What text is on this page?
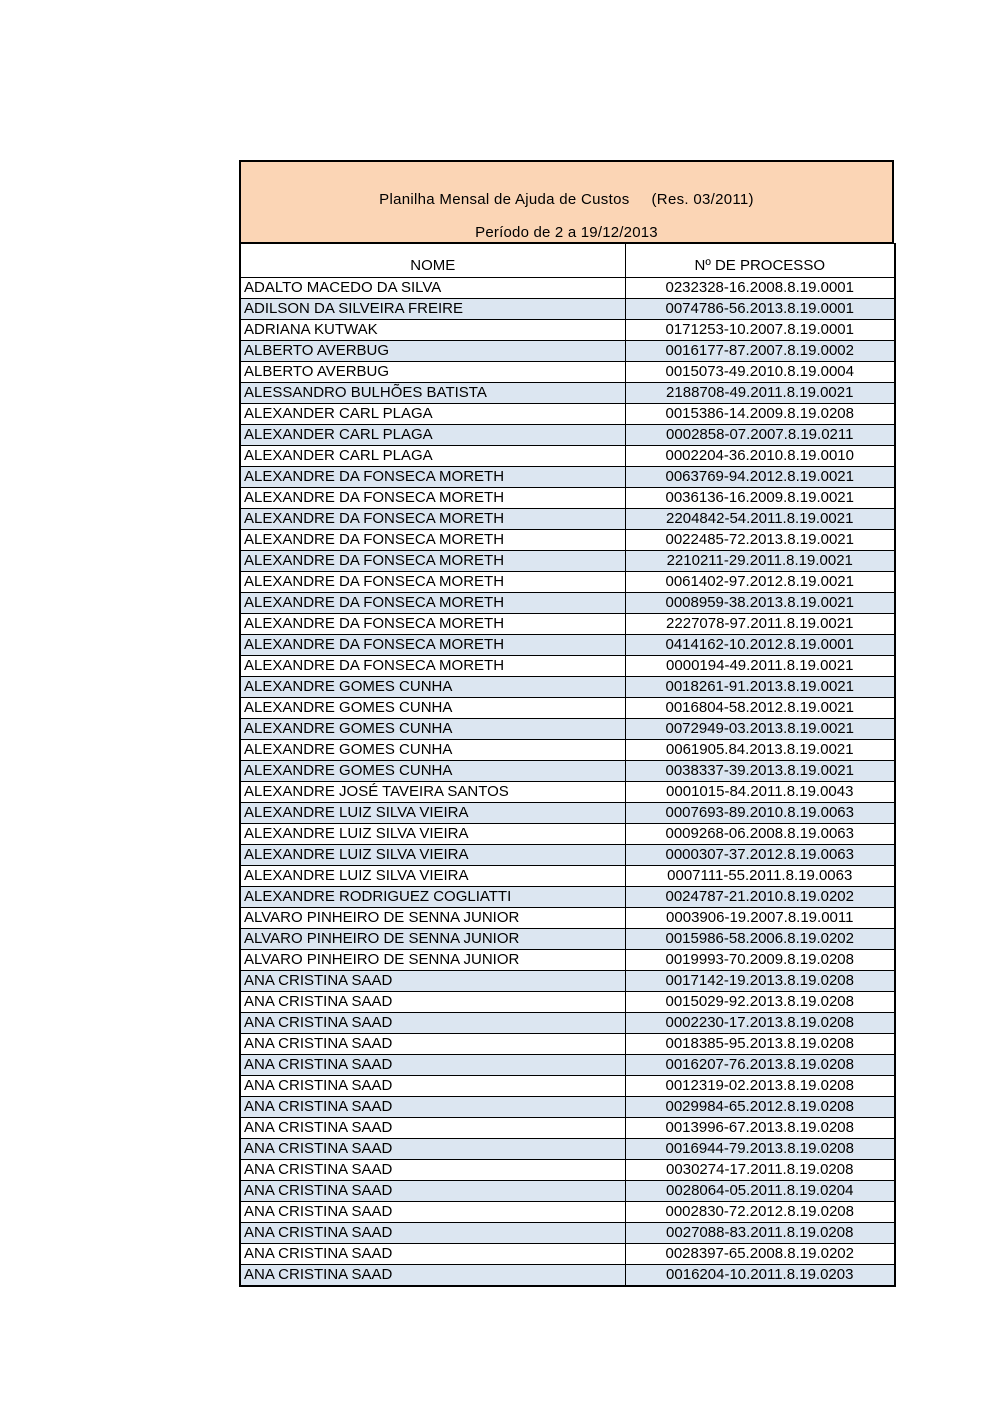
Planilha Mensal de Ajuda de Custos (Res. 03/2011)
Período de 2 a 19/12/2013
NOME	Nº DE PROCESSO
ADALTO MACEDO DA SILVA	0232328-16.2008.8.19.0001
ADILSON DA SILVEIRA FREIRE	0074786-56.2013.8.19.0001
ADRIANA KUTWAK	0171253-10.2007.8.19.0001
ALBERTO AVERBUG	0016177-87.2007.8.19.0002
ALBERTO AVERBUG	0015073-49.2010.8.19.0004
ALESSANDRO BULHÕES BATISTA	2188708-49.2011.8.19.0021
ALEXANDER CARL PLAGA	0015386-14.2009.8.19.0208
ALEXANDER CARL PLAGA	0002858-07.2007.8.19.0211
ALEXANDER CARL PLAGA	0002204-36.2010.8.19.0010
ALEXANDRE DA FONSECA MORETH	0063769-94.2012.8.19.0021
ALEXANDRE DA FONSECA MORETH	0036136-16.2009.8.19.0021
ALEXANDRE DA FONSECA MORETH	2204842-54.2011.8.19.0021
ALEXANDRE DA FONSECA MORETH	0022485-72.2013.8.19.0021
ALEXANDRE DA FONSECA MORETH	2210211-29.2011.8.19.0021
ALEXANDRE DA FONSECA MORETH	0061402-97.2012.8.19.0021
ALEXANDRE DA FONSECA MORETH	0008959-38.2013.8.19.0021
ALEXANDRE DA FONSECA MORETH	2227078-97.2011.8.19.0021
ALEXANDRE DA FONSECA MORETH	0414162-10.2012.8.19.0001
ALEXANDRE DA FONSECA MORETH	0000194-49.2011.8.19.0021
ALEXANDRE GOMES CUNHA	0018261-91.2013.8.19.0021
ALEXANDRE GOMES CUNHA	0016804-58.2012.8.19.0021
ALEXANDRE GOMES CUNHA	0072949-03.2013.8.19.0021
ALEXANDRE GOMES CUNHA	0061905.84.2013.8.19.0021
ALEXANDRE GOMES CUNHA	0038337-39.2013.8.19.0021
ALEXANDRE JOSÉ TAVEIRA SANTOS	0001015-84.2011.8.19.0043
ALEXANDRE LUIZ SILVA VIEIRA	0007693-89.2010.8.19.0063
ALEXANDRE LUIZ SILVA VIEIRA	0009268-06.2008.8.19.0063
ALEXANDRE LUIZ SILVA VIEIRA	0000307-37.2012.8.19.0063
ALEXANDRE LUIZ SILVA VIEIRA	0007111-55.2011.8.19.0063
ALEXANDRE RODRIGUEZ COGLIATTI	0024787-21.2010.8.19.0202
ALVARO PINHEIRO DE SENNA JUNIOR	0003906-19.2007.8.19.0011
ALVARO PINHEIRO DE SENNA JUNIOR	0015986-58.2006.8.19.0202
ALVARO PINHEIRO DE SENNA JUNIOR	0019993-70.2009.8.19.0208
ANA CRISTINA SAAD	0017142-19.2013.8.19.0208
ANA CRISTINA SAAD	0015029-92.2013.8.19.0208
ANA CRISTINA SAAD	0002230-17.2013.8.19.0208
ANA CRISTINA SAAD	0018385-95.2013.8.19.0208
ANA CRISTINA SAAD	0016207-76.2013.8.19.0208
ANA CRISTINA SAAD	0012319-02.2013.8.19.0208
ANA CRISTINA SAAD	0029984-65.2012.8.19.0208
ANA CRISTINA SAAD	0013996-67.2013.8.19.0208
ANA CRISTINA SAAD	0016944-79.2013.8.19.0208
ANA CRISTINA SAAD	0030274-17.2011.8.19.0208
ANA CRISTINA SAAD	0028064-05.2011.8.19.0204
ANA CRISTINA SAAD	0002830-72.2012.8.19.0208
ANA CRISTINA SAAD	0027088-83.2011.8.19.0208
ANA CRISTINA SAAD	0028397-65.2008.8.19.0202
ANA CRISTINA SAAD	0016204-10.2011.8.19.0203
